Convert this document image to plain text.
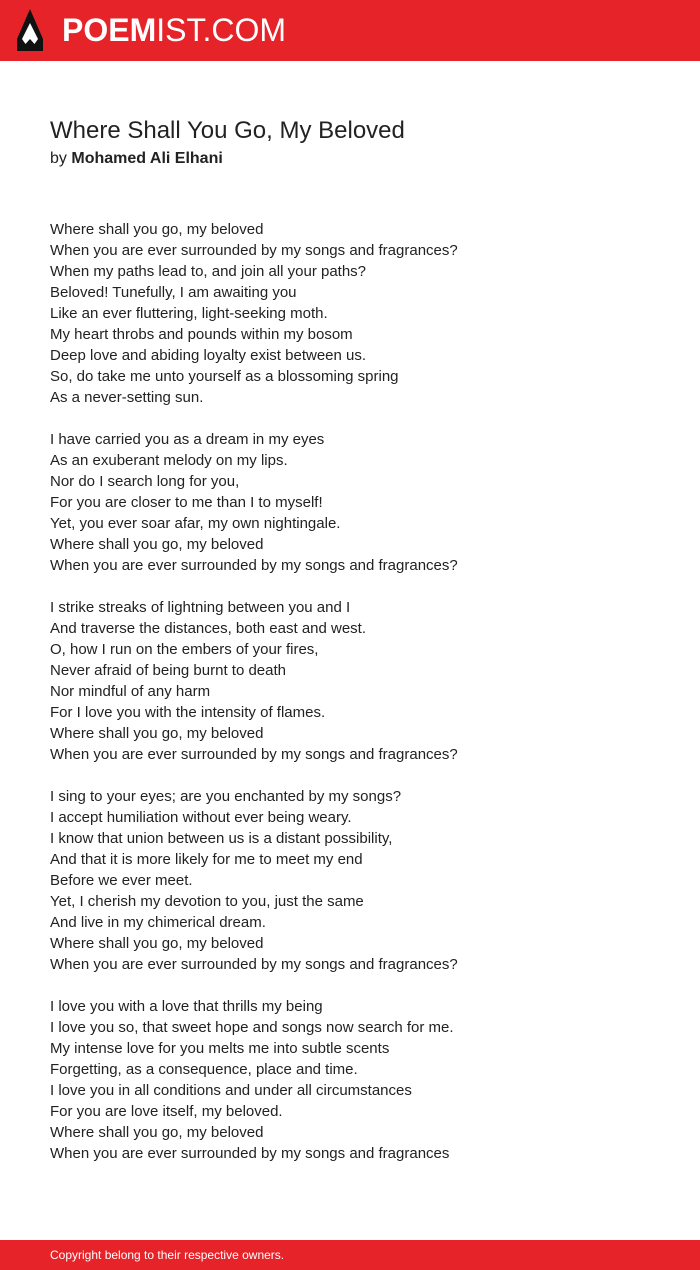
POEMIST.COM
Where Shall You Go, My Beloved
by Mohamed Ali Elhani
Where shall you go, my beloved
When you are ever surrounded by my songs and fragrances?
When my paths lead to, and join all your paths?
Beloved! Tunefully, I am awaiting you
Like an ever fluttering, light-seeking moth.
My heart throbs and pounds within my bosom
Deep love and abiding loyalty exist between us.
So, do take me unto yourself as a blossoming spring
As a never-setting sun.
I have carried you as a dream in my eyes
As an exuberant melody on my lips.
Nor do I search long for you,
For you are closer to me than I to myself!
Yet, you ever soar afar, my own nightingale.
Where shall you go, my beloved
When you are ever surrounded by my songs and fragrances?
I strike streaks of lightning between you and I
And traverse the distances, both east and west.
O, how I run on the embers of your fires,
Never afraid of being burnt to death
Nor mindful of any harm
For I love you with the intensity of flames.
Where shall you go, my beloved
When you are ever surrounded by my songs and fragrances?
I sing to your eyes; are you enchanted by my songs?
I accept humiliation without ever being weary.
I know that union between us is a distant possibility,
And that it is more likely for me to meet my end
Before we ever meet.
Yet, I cherish my devotion to you, just the same
And live in my chimerical dream.
Where shall you go, my beloved
When you are ever surrounded by my songs and fragrances?
I love you with a love that thrills my being
I love you so, that sweet hope and songs now search for me.
My intense love for you melts me into subtle scents
Forgetting, as a consequence, place and time.
I love you in all conditions and under all circumstances
For you are love itself, my beloved.
Where shall you go, my beloved
When you are ever surrounded by my songs and fragrances
Copyright belong to their respective owners.
